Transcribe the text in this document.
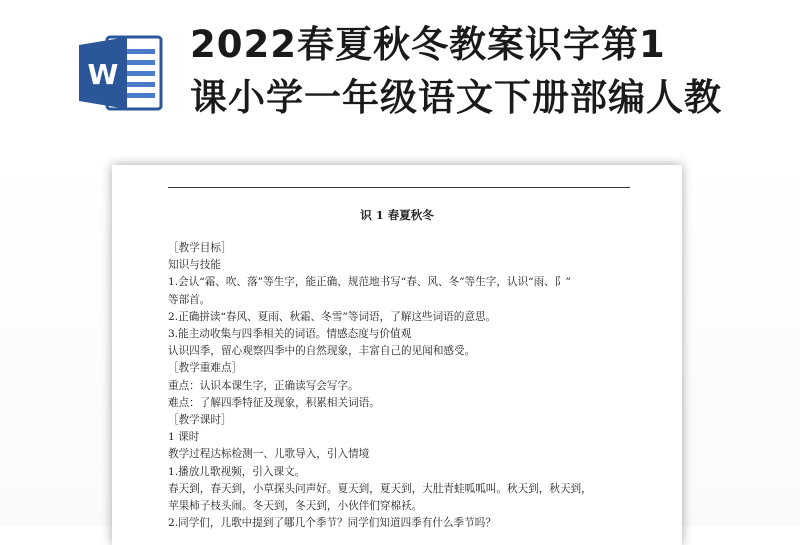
W
2022春夏秋冬教案识字第1
课小学一年级语文下册部编人教
识 1 春夏秋冬
［教学目标］
知识与技能
1.会认“霜、吹、落”等生字，能正确、规范地书写“春、风、冬”等生字，认识“雨、阝”
等部首。
2.正确拼读“春风、夏雨、秋霜、冬雪”等词语，了解这些词语的意思。
3.能主动收集与四季相关的词语。情感态度与价值观
认识四季，留心观察四季中的自然现象，丰富自己的见闻和感受。
［教学重难点］
重点：认识本课生字，正确读写会写字。
难点：了解四季特征及现象，积累相关词语。
［教学课时］
1 课时
教学过程达标检测一、儿歌导入，引入情境
1.播放儿歌视频，引入课文。
春天到，春天到，小草探头问声好。夏天到，夏天到，大肚青蛙呱呱叫。秋天到，秋天到，
苹果柿子枝头闹。冬天到，冬天到，小伙伴们穿棉袄。
2.同学们，儿歌中提到了哪几个季节？同学们知道四季有什么季节吗？
